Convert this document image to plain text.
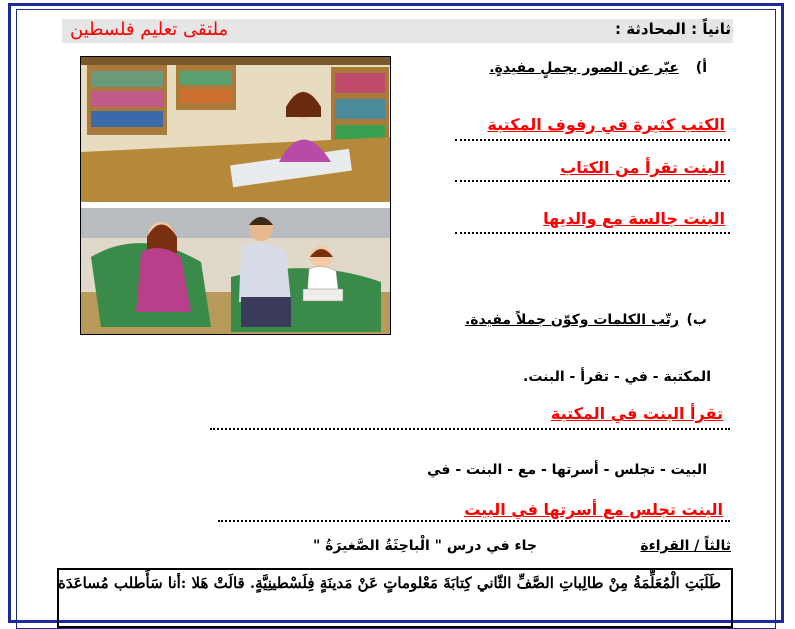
ثانياً : المحادثة :
ملتقى تعليم فلسطين
أ)
عبّر عن الصور بجملٍ مفيدةٍ.
الكتب كثيرة في رفوف المكتبة
البنت تقرأ من الكتاب
البنت جالسة مع والديها
ب)
رتّب الكلمات وكوّن جملاً مفيدة.
المكتبة - في - تقرأ - البنت.
تقرأ البنت في المكتبة
البيت - تجلس - أسرتها - مع - البنت - في
البنت تجلس مع أسرتها في البيت
ثالثاً / القراءة
جاء في درس " الْباحِثَةُ الصَّغيرَةُ "
طَلَبَتِ الْمُعَلِّمَةُ مِنْ طالِباتِ الصَّفِّ الثّاني كِتابَةَ مَعْلوماتٍ عَنْ مَدينَةٍ فِلَسْطينِيَّةٍ. قالَتْ هَلا :أنا سَأَطلب مُساعَدَة
